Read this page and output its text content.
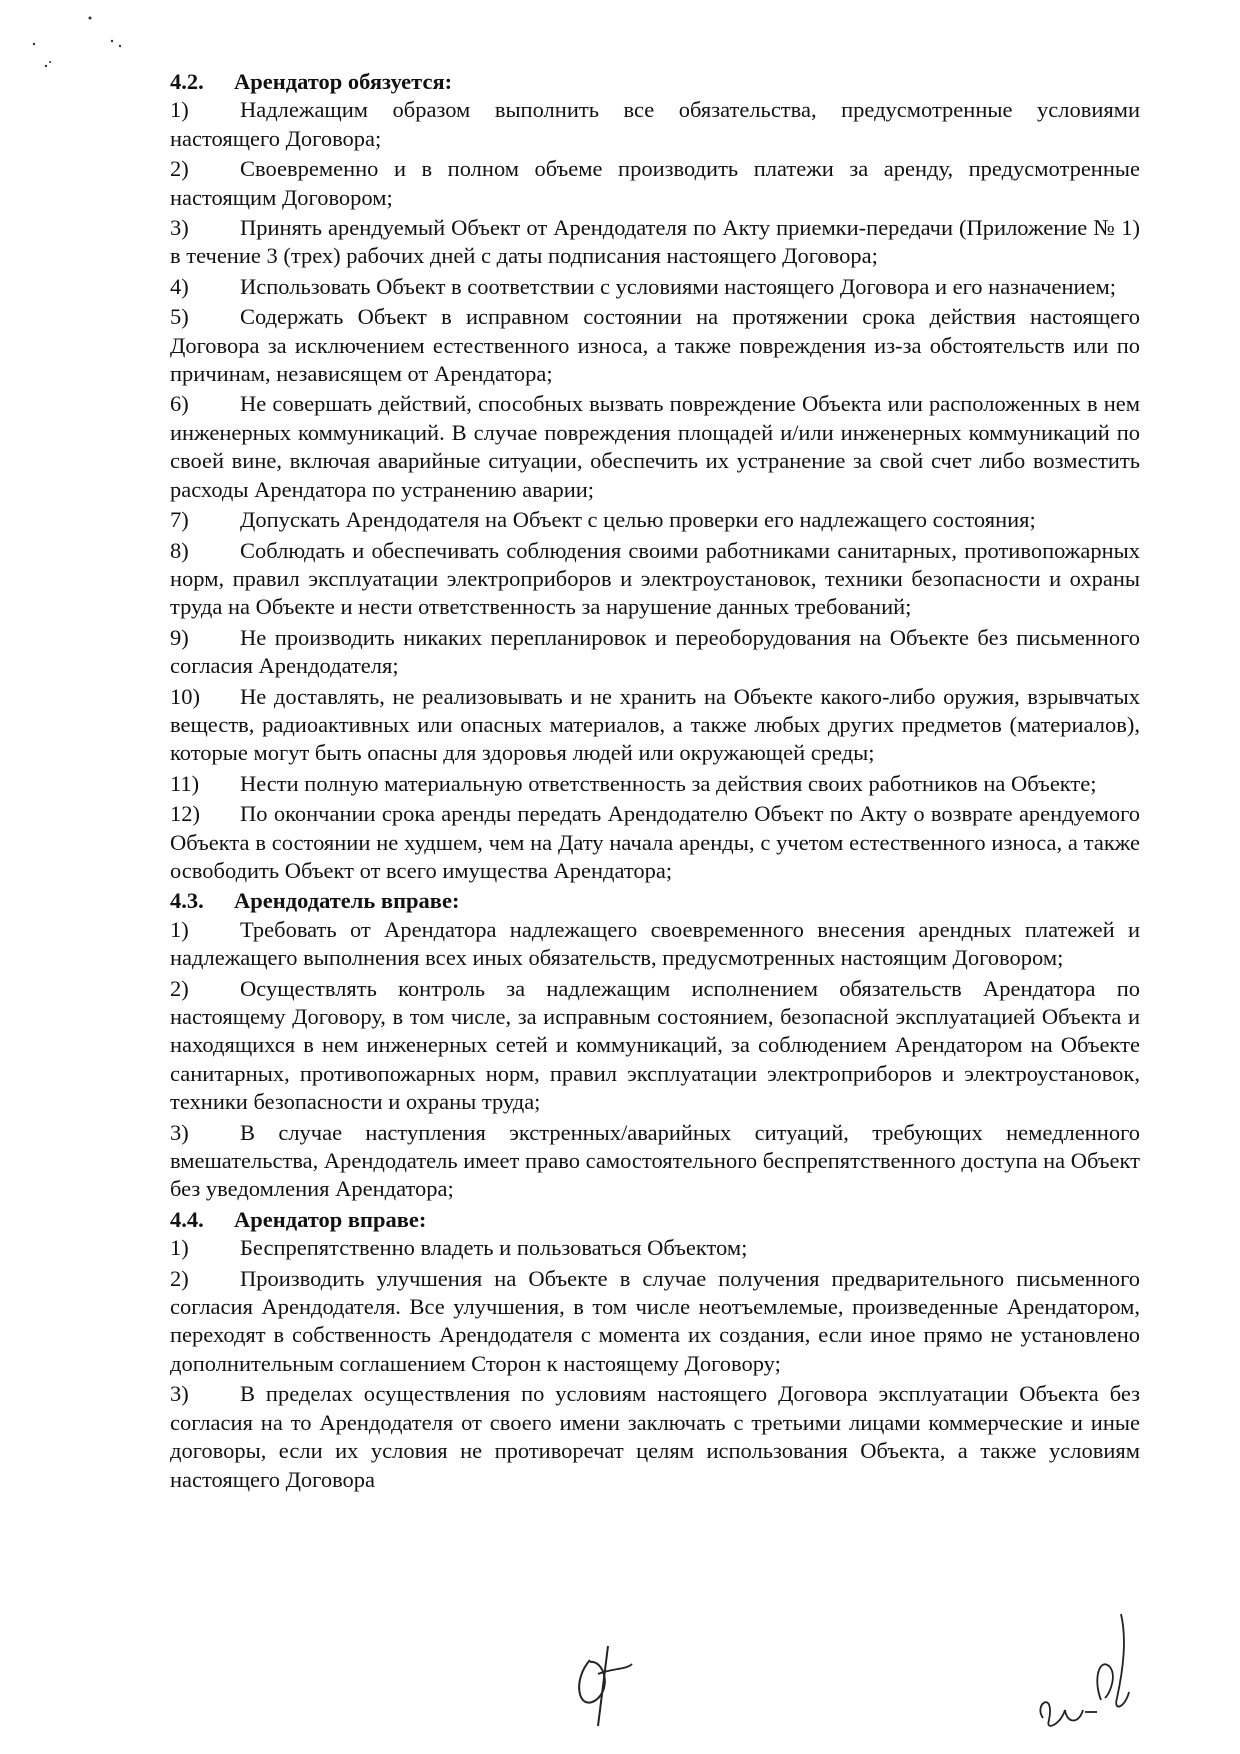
4.2. Арендатор обязуется:

1) Надлежащим образом выполнить все обязательства, предусмотренные условиями настоящего Договора;

2) Своевременно и в полном объеме производить платежи за аренду, предусмотренные настоящим Договором;

3) Принять арендуемый Объект от Арендодателя по Акту приемки-передачи (Приложение № 1) в течение 3 (трех) рабочих дней с даты подписания настоящего Договора;

4) Использовать Объект в соответствии с условиями настоящего Договора и его назначением;

5) Содержать Объект в исправном состоянии на протяжении срока действия настоящего Договора за исключением естественного износа, а также повреждения из-за обстоятельств или по причинам, независящем от Арендатора;

6) Не совершать действий, способных вызвать повреждение Объекта или расположенных в нем инженерных коммуникаций. В случае повреждения площадей и/или инженерных коммуникаций по своей вине, включая аварийные ситуации, обеспечить их устранение за свой счет либо возместить расходы Арендатора по устранению аварии;

7) Допускать Арендодателя на Объект с целью проверки его надлежащего состояния;

8) Соблюдать и обеспечивать соблюдения своими работниками санитарных, противопожарных норм, правил эксплуатации электроприборов и электроустановок, техники безопасности и охраны труда на Объекте и нести ответственность за нарушение данных требований;

9) Не производить никаких перепланировок и переоборудования на Объекте без письменного согласия Арендодателя;

10) Не доставлять, не реализовывать и не хранить на Объекте какого-либо оружия, взрывчатых веществ, радиоактивных или опасных материалов, а также любых других предметов (материалов), которые могут быть опасны для здоровья людей или окружающей среды;

11) Нести полную материальную ответственность за действия своих работников на Объекте;

12) По окончании срока аренды передать Арендодателю Объект по Акту о возврате арендуемого Объекта в состоянии не худшем, чем на Дату начала аренды, с учетом естественного износа, а также освободить Объект от всего имущества Арендатора;

4.3. Арендодатель вправе:

1) Требовать от Арендатора надлежащего своевременного внесения арендных платежей и надлежащего выполнения всех иных обязательств, предусмотренных настоящим Договором;

2) Осуществлять контроль за надлежащим исполнением обязательств Арендатора по настоящему Договору, в том числе, за исправным состоянием, безопасной эксплуатацией Объекта и находящихся в нем инженерных сетей и коммуникаций, за соблюдением Арендатором на Объекте санитарных, противопожарных норм, правил эксплуатации электроприборов и электроустановок, техники безопасности и охраны труда;

3) В случае наступления экстренных/аварийных ситуаций, требующих немедленного вмешательства, Арендодатель имеет право самостоятельного беспрепятственного доступа на Объект без уведомления Арендатора;

4.4. Арендатор вправе:

1) Беспрепятственно владеть и пользоваться Объектом;

2) Производить улучшения на Объекте в случае получения предварительного письменного согласия Арендодателя. Все улучшения, в том числе неотъемлемые, произведенные Арендатором, переходят в собственность Арендодателя с момента их создания, если иное прямо не установлено дополнительным соглашением Сторон к настоящему Договору;

3) В пределах осуществления по условиям настоящего Договора эксплуатации Объекта без согласия на то Арендодателя от своего имени заключать с третьими лицами коммерческие и иные договоры, если их условия не противоречат целям использования Объекта, а также условиям настоящего Договора
